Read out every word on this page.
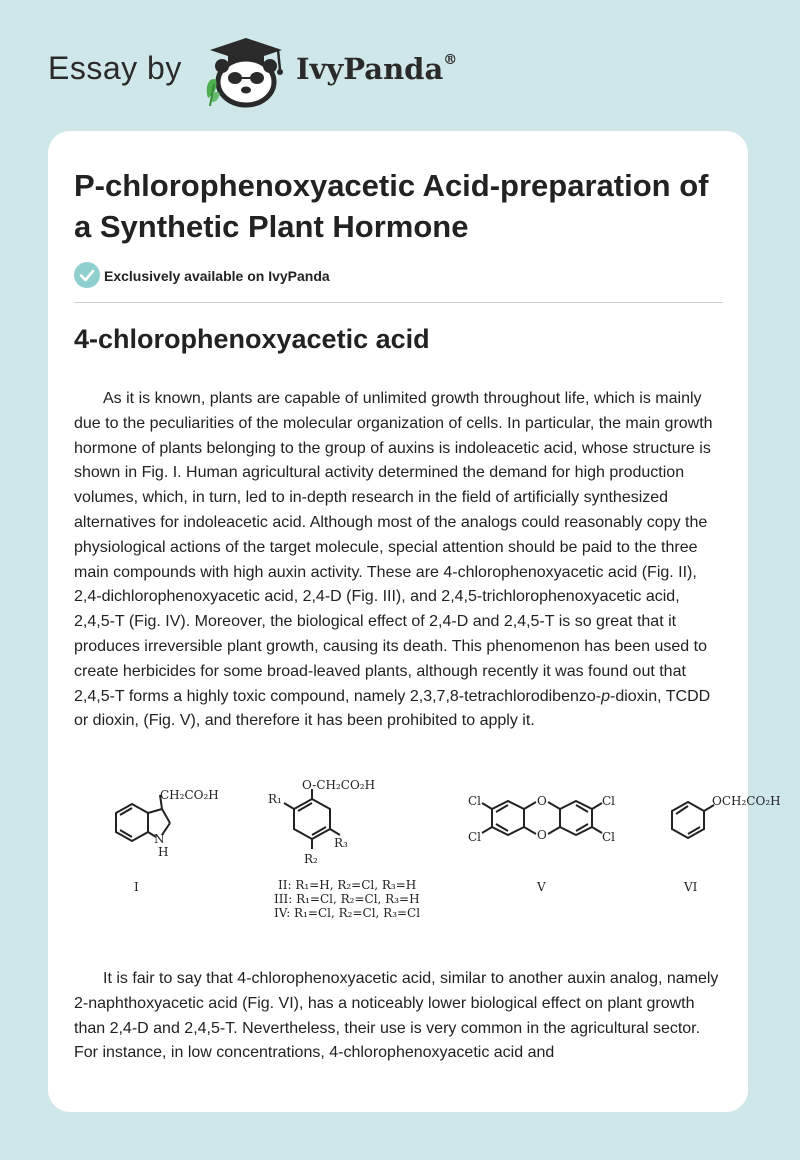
Essay by	IvyPanda®
P-chlorophenoxyacetic Acid-preparation of a Synthetic Plant Hormone
Exclusively available on IvyPanda
4-chlorophenoxyacetic acid

As it is known, plants are capable of unlimited growth throughout life, which is mainly due to the peculiarities of the molecular organization of cells. In particular, the main growth hormone of plants belonging to the group of auxins is indoleacetic acid, whose structure is shown in Fig. I. Human agricultural activity determined the demand for high production volumes, which, in turn, led to in-depth research in the field of artificially synthesized alternatives for indoleacetic acid. Although most of the analogs could reasonably copy the physiological actions of the target molecule, special attention should be paid to the three main compounds with high auxin activity. These are 4-chlorophenoxyacetic acid (Fig. II), 2,4-dichlorophenoxyacetic acid, 2,4-D (Fig. III), and 2,4,5-trichlorophenoxyacetic acid, 2,4,5-T (Fig. IV). Moreover, the biological effect of 2,4-D and 2,4,5-T is so great that it produces irreversible plant growth, causing its death. This phenomenon has been used to create herbicides for some broad-leaved plants, although recently it was found out that 2,4,5-T forms a highly toxic compound, namely 2,3,7,8-tetrachlorodibenzo-p-dioxin, TCDD or dioxin, (Fig. V), and therefore it has been prohibited to apply it.

CH₂CO₂H
N
H
I
O-CH₂CO₂H
R₁
R₃
R₂
II: R₁=H, R₂=Cl, R₃=H
III: R₁=Cl, R₂=Cl, R₃=H
IV: R₁=Cl, R₂=Cl, R₃=Cl
O
O
Cl
Cl
Cl
Cl
V
OCH₂CO₂H
VI

It is fair to say that 4-chlorophenoxyacetic acid, similar to another auxin analog, namely 2-naphthoxyacetic acid (Fig. VI), has a noticeably lower biological effect on plant growth than 2,4-D and 2,4,5-T. Nevertheless, their use is very common in the agricultural sector. For instance, in low concentrations, 4-chlorophenoxyacetic acid and
